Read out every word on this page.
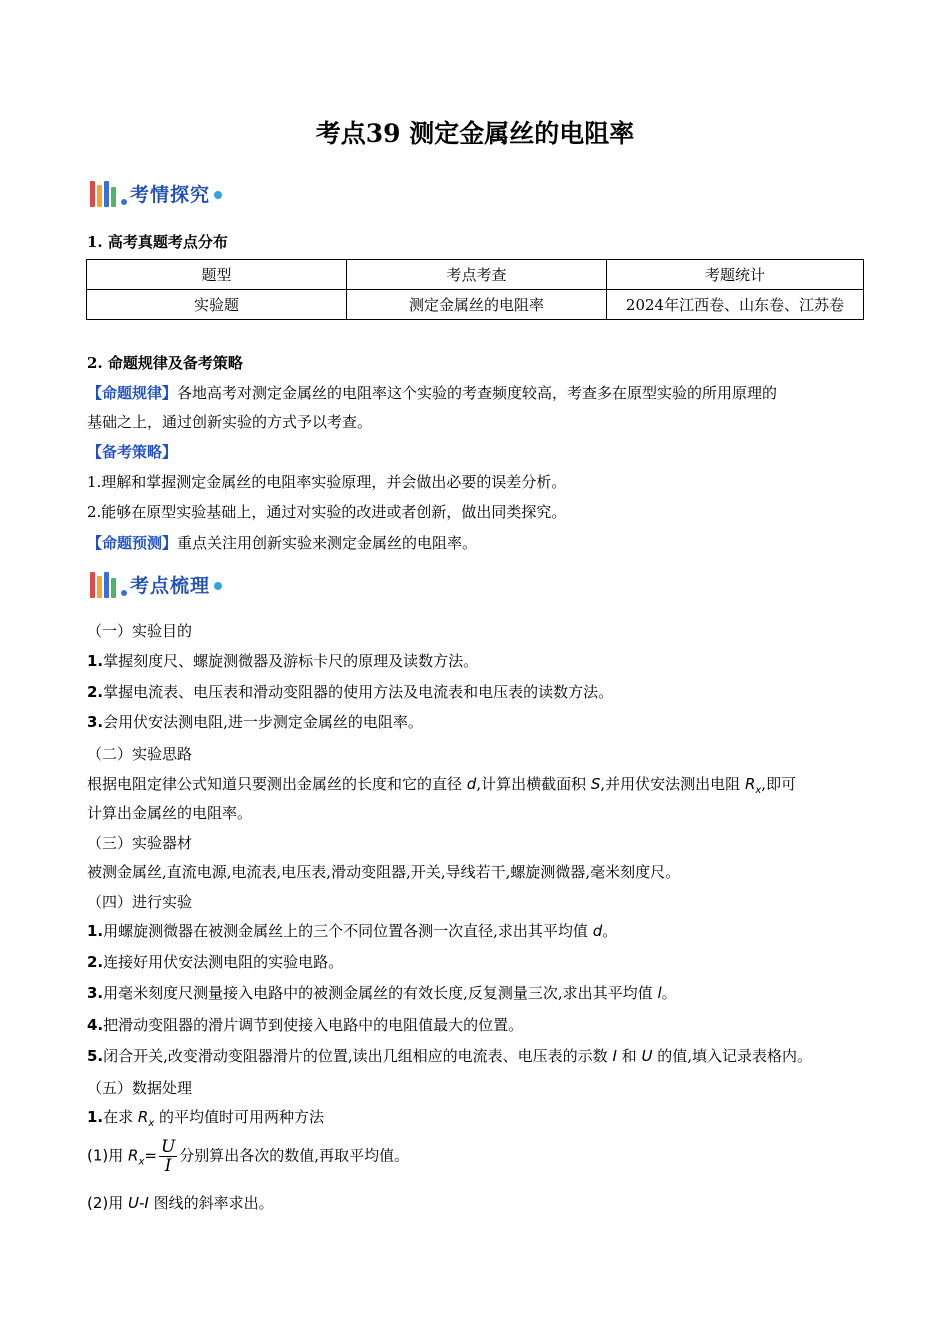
考点39 测定金属丝的电阻率
考情探究
1. 高考真题考点分布
题型	考点考查	考题统计
实验题	测定金属丝的电阻率	2024年江西卷、山东卷、江苏卷
2. 命题规律及备考策略
【命题规律】各地高考对测定金属丝的电阻率这个实验的考查频度较高，考查多在原型实验的所用原理的
基础之上，通过创新实验的方式予以考查。
【备考策略】
1.理解和掌握测定金属丝的电阻率实验原理，并会做出必要的误差分析。
2.能够在原型实验基础上，通过对实验的改进或者创新，做出同类探究。
【命题预测】重点关注用创新实验来测定金属丝的电阻率。
考点梳理
（一）实验目的
1.掌握刻度尺、螺旋测微器及游标卡尺的原理及读数方法。
2.掌握电流表、电压表和滑动变阻器的使用方法及电流表和电压表的读数方法。
3.会用伏安法测电阻,进一步测定金属丝的电阻率。
（二）实验思路
根据电阻定律公式知道只要测出金属丝的长度和它的直径 d,计算出横截面积 S,并用伏安法测出电阻 $R_x$,即可
计算出金属丝的电阻率。
（三）实验器材
被测金属丝,直流电源,电流表,电压表,滑动变阻器,开关,导线若干,螺旋测微器,毫米刻度尺。
（四）进行实验
1.用螺旋测微器在被测金属丝上的三个不同位置各测一次直径,求出其平均值 d。
2.连接好用伏安法测电阻的实验电路。
3.用毫米刻度尺测量接入电路中的被测金属丝的有效长度,反复测量三次,求出其平均值 l。
4.把滑动变阻器的滑片调节到使接入电路中的电阻值最大的位置。
5.闭合开关,改变滑动变阻器滑片的位置,读出几组相应的电流表、电压表的示数 I 和 U 的值,填入记录表格内。
（五）数据处理
1.在求 $R_x$ 的平均值时可用两种方法
(1)用 $R_x= \frac{U}{I}$ 分别算出各次的数值,再取平均值。
(2)用 U-I 图线的斜率求出。
